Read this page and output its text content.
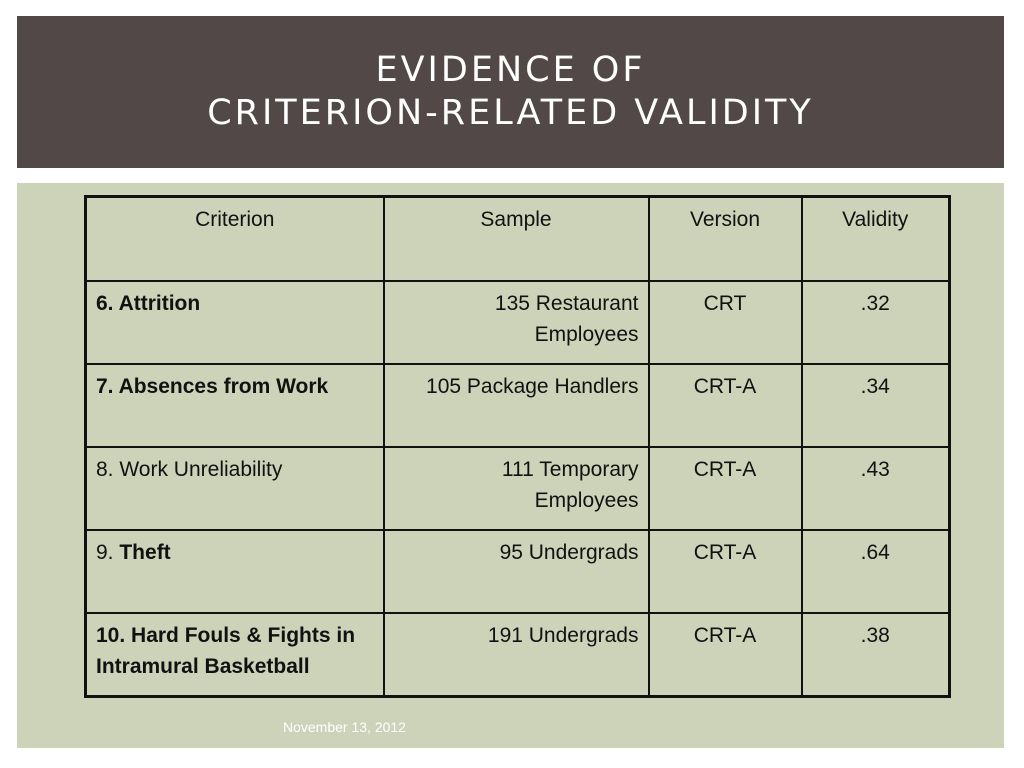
EVIDENCE OF
CRITERION-RELATED VALIDITY
Criterion	Sample	Version	Validity
6. Attrition	135 Restaurant Employees	CRT	.32
7. Absences from Work	105 Package Handlers	CRT-A	.34
8. Work Unreliability	111 Temporary Employees	CRT-A	.43
9. Theft	95 Undergrads	CRT-A	.64
10. Hard Fouls & Fights in Intramural Basketball	191 Undergrads	CRT-A	.38
November 13, 2012
